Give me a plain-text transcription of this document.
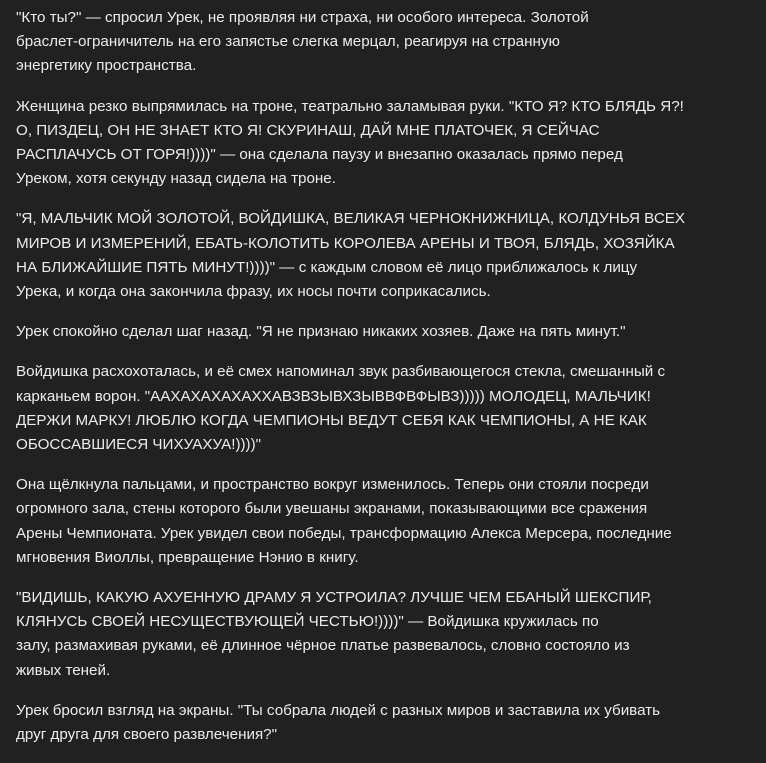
"Кто ты?" — спросил Урек, не проявляя ни страха, ни особого интереса. Золотой
браслет-ограничитель на его запястье слегка мерцал, реагируя на странную
энергетику пространства.

Женщина резко выпрямилась на троне, театрально заламывая руки. "КТО Я? КТО БЛЯДЬ Я?!
О, ПИЗДЕЦ, ОН НЕ ЗНАЕТ КТО Я! СКУРИНАШ, ДАЙ МНЕ ПЛАТОЧЕК, Я СЕЙЧАС
РАСПЛАЧУСЬ ОТ ГОРЯ!))))" — она сделала паузу и внезапно оказалась прямо перед
Уреком, хотя секунду назад сидела на троне.

"Я, МАЛЬЧИК МОЙ ЗОЛОТОЙ, ВОЙДИШКА, ВЕЛИКАЯ ЧЕРНОКНИЖНИЦА, КОЛДУНЬЯ ВСЕХ
МИРОВ И ИЗМЕРЕНИЙ, ЕБАТЬ-КОЛОТИТЬ КОРОЛЕВА АРЕНЫ И ТВОЯ, БЛЯДЬ, ХОЗЯЙКА
НА БЛИЖАЙШИЕ ПЯТЬ МИНУТ!))))" — с каждым словом её лицо приближалось к лицу
Урека, и когда она закончила фразу, их носы почти соприкасались.

Урек спокойно сделал шаг назад. "Я не признаю никаких хозяев. Даже на пять минут."

Войдишка расхохоталась, и её смех напоминал звук разбивающегося стекла, смешанный с
карканьем ворон. "ААХАХАХАХАХХАВЗВЗЫВХЗЫВВФВФЫВЗ))))) МОЛОДЕЦ, МАЛЬЧИК!
ДЕРЖИ МАРКУ! ЛЮБЛЮ КОГДА ЧЕМПИОНЫ ВЕДУТ СЕБЯ КАК ЧЕМПИОНЫ, А НЕ КАК
ОБОССАВШИЕСЯ ЧИХУАХУА!))))"

Она щёлкнула пальцами, и пространство вокруг изменилось. Теперь они стояли посреди
огромного зала, стены которого были увешаны экранами, показывающими все сражения
Арены Чемпионата. Урек увидел свои победы, трансформацию Алекса Мерсера, последние
мгновения Виоллы, превращение Нэнио в книгу.

"ВИДИШЬ, КАКУЮ АХУЕННУЮ ДРАМУ Я УСТРОИЛА? ЛУЧШЕ ЧЕМ ЕБАНЫЙ ШЕКСПИР,
КЛЯНУСЬ СВОЕЙ НЕСУЩЕСТВУЮЩЕЙ ЧЕСТЬЮ!))))" — Войдишка кружилась по
залу, размахивая руками, её длинное чёрное платье развевалось, словно состояло из
живых теней.

Урек бросил взгляд на экраны. "Ты собрала людей с разных миров и заставила их убивать
друг друга для своего развлечения?"
